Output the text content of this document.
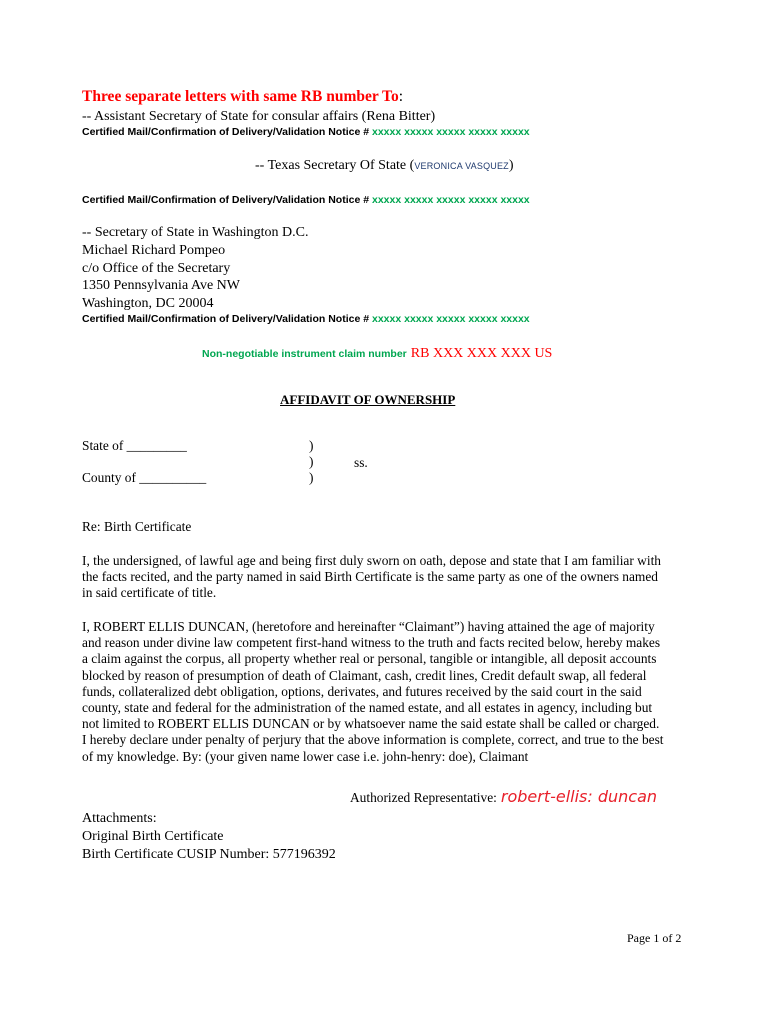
Three separate letters with same RB number To:
-- Assistant Secretary of State for consular affairs (Rena Bitter)
Certified Mail/Confirmation of Delivery/Validation Notice # xxxxx xxxxx xxxxx xxxxx xxxxx
-- Texas Secretary Of State (VERONICA VASQUEZ)
Certified Mail/Confirmation of Delivery/Validation Notice # xxxxx xxxxx xxxxx xxxxx xxxxx
-- Secretary of State in Washington D.C.
Michael Richard Pompeo
c/o Office of the Secretary
1350 Pennsylvania Ave NW
Washington, DC 20004
Certified Mail/Confirmation of Delivery/Validation Notice # xxxxx xxxxx xxxxx xxxxx xxxxx
Non-negotiable instrument claim number RB XXX XXX XXX US
AFFIDAVIT OF OWNERSHIP
State of _________
County of __________
)
)
)
ss.
Re: Birth Certificate
I, the undersigned, of lawful age and being first duly sworn on oath, depose and state that I am familiar with
the facts recited, and the party named in said Birth Certificate is the same party as one of the owners named
in said certificate of title.
I, ROBERT ELLIS DUNCAN, (heretofore and hereinafter “Claimant”) having attained the age of majority
and reason under divine law competent first-hand witness to the truth and facts recited below, hereby makes
a claim against the corpus, all property whether real or personal, tangible or intangible, all deposit accounts
blocked by reason of presumption of death of Claimant, cash, credit lines, Credit default swap, all federal
funds, collateralized debt obligation, options, derivates, and futures received by the said court in the said
county, state and federal for the administration of the named estate, and all estates in agency, including but
not limited to ROBERT ELLIS DUNCAN or by whatsoever name the said estate shall be called or charged.
I hereby declare under penalty of perjury that the above information is complete, correct, and true to the best
of my knowledge. By: (your given name lower case i.e. john-henry: doe), Claimant
Authorized Representative: robert-ellis: duncan
Attachments:
Original Birth Certificate
Birth Certificate CUSIP Number: 577196392
Page 1 of 2
